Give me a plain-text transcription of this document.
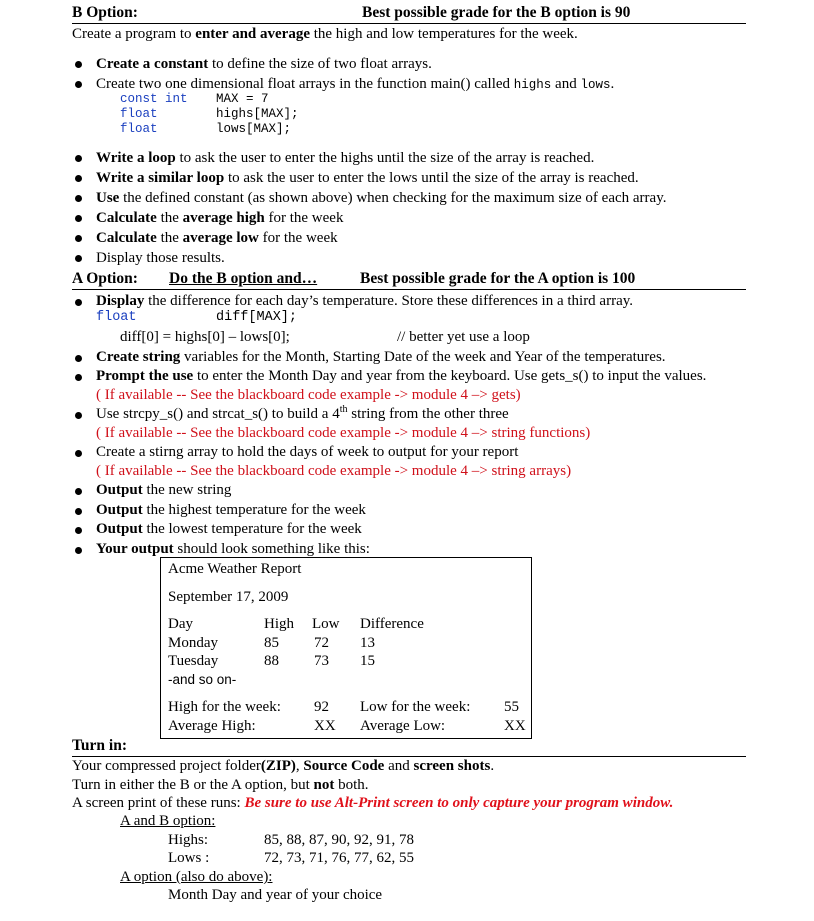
B Option:	Best possible grade for the B option is 90
Create a program to enter and average the high and low temperatures for the week.
Create a constant to define the size of two float arrays.
Create two one dimensional float arrays in the function main() called highs and lows.
const int MAX = 7
float	highs[MAX];
float	lows[MAX];
Write a loop to ask the user to enter the highs until the size of the array is reached.
Write a similar loop to ask the user to enter the lows until the size of the array is reached.
Use the defined constant (as shown above) when checking for the maximum size of each array.
Calculate the average high for the week
Calculate the average low for the week
Display those results.
A Option: Do the B option and…	Best possible grade for the A option is 100
Display the difference for each day’s temperature. Store these differences in a third array.
float	diff[MAX];
diff[0] = highs[0] – lows[0];	// better yet use a loop
Create string variables for the Month, Starting Date of the week and Year of the temperatures.
Prompt the use to enter the Month Day and year from the keyboard. Use gets_s() to input the values.
( If available -- See the blackboard code example -> module 4 –> gets)
Use strcpy_s() and strcat_s() to build a 4th string from the other three
( If available -- See the blackboard code example -> module 4 –> string functions)
Create a stirng array to hold the days of week to output for your report
( If available -- See the blackboard code example -> module 4 –> string arrays)
Output the new string
Output the highest temperature for the week
Output the lowest temperature for the week
Your output should look something like this:
Acme Weather Report
September 17, 2009
Day	High Low Difference
Monday	85 72 13
Tuesday	88 73 15
-and so on-
High for the week: 92 Low for the week: 55
Average High:	XX Average Low:	XX
Turn in:
Your compressed project folder(ZIP), Source Code and screen shots.
Turn in either the B or the A option, but not both.
A screen print of these runs: Be sure to use Alt-Print screen to only capture your program window.
A and B option:
Highs:	85, 88, 87, 90, 92, 91, 78
Lows :	72, 73, 71, 76, 77, 62, 55
A option (also do above):
Month Day and year of your choice
